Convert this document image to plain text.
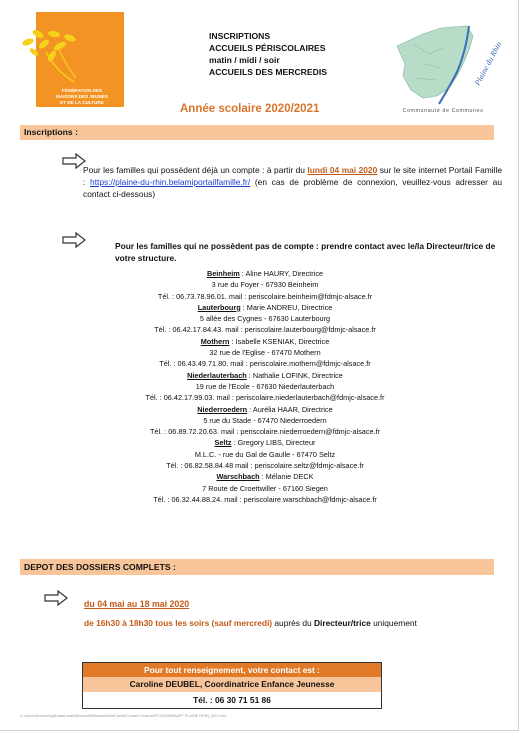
FÉDÉRATION DES
MAISONS DES JEUNES
ET DE LA CULTURE
D'ALSACE
INSCRIPTIONS
ACCUEILS PÉRISCOLAIRES
matin / midi / soir
ACCUEILS DES MERCREDIS	Plaine du Rhin
Communauté de Communes
Année scolaire 2020/2021
Inscriptions :
Pour les familles qui possèdent déjà un compte : à partir du lundi 04 mai 2020 sur le site internet Portail Famille : https://plaine-du-rhin.belamiportailfamille.fr/ (en cas de problème de connexion, veuillez-vous adresser au contact ci-dessous)
Pour les familles qui ne possèdent pas de compte : prendre contact avec le/la Directeur/trice de votre structure.
Beinheim : Aline HAURY, Directrice
3 rue du Foyer - 67930 Beinheim
Tél. : 06.73.78.96.01. mail : periscolaire.beinheim@fdmjc-alsace.fr
Lauterbourg : Marie ANDREU, Directrice
5 allée des Cygnes - 67630 Lauterbourg
Tél. : 06.42.17.84.43. mail : periscolaire.lauterbourg@fdmjc-alsace.fr
Mothern : Isabelle KSENIAK, Directrice
32 rue de l'Eglise - 67470 Mothern
Tél. : 06.43.49.71.80. mail : periscolaire.mothern@fdmjc-alsace.fr
Niederlauterbach : Nathalie LOFINK, Directrice
19 rue de l'Ecole - 67630 Niederlauterbach
Tél. : 06.42.17.99.03. mail : periscolaire.niederlauterbach@fdmjc-alsace.fr
Niederroedern : Aurélia HAAR, Directrice
5 rue du Stade - 67470 Niederroedern
Tél. : 06.89.72.20.63. mail : periscolaire.niederroedern@fdmjc-alsace.fr
Seltz : Gregory LIBS, Directeur
M.L.C. - rue du Gal de Gaulle - 67470 Seltz
Tél. : 06.82.58.84.48 mail : periscolaire.seltz@fdmjc-alsace.fr
Warschbach : Mélanie DECK
7 Route de Croettwiller - 67160 Siegen
Tél. : 06.32.44.88.24. mail : periscolaire.warschbach@fdmjc-alsace.fr
DEPOT DES DOSSIERS COMPLETS :
du 04 mai au 18 mai 2020
de 16h30 à 18h30 tous les soirs (sauf mercredi) auprès du Directeur/trice uniquement
Pour tout renseignement, votre contact est :
Caroline DEUBEL, Coordinatrice Enfance Jeunesse
Tél. : 06 30 71 51 86
C:\Users\AnneA\AppData\Local\Microsoft\Windows\INetCache\Content.Outlook\PC22LWDM\AFF PLAINE RHIN_2021.doc
